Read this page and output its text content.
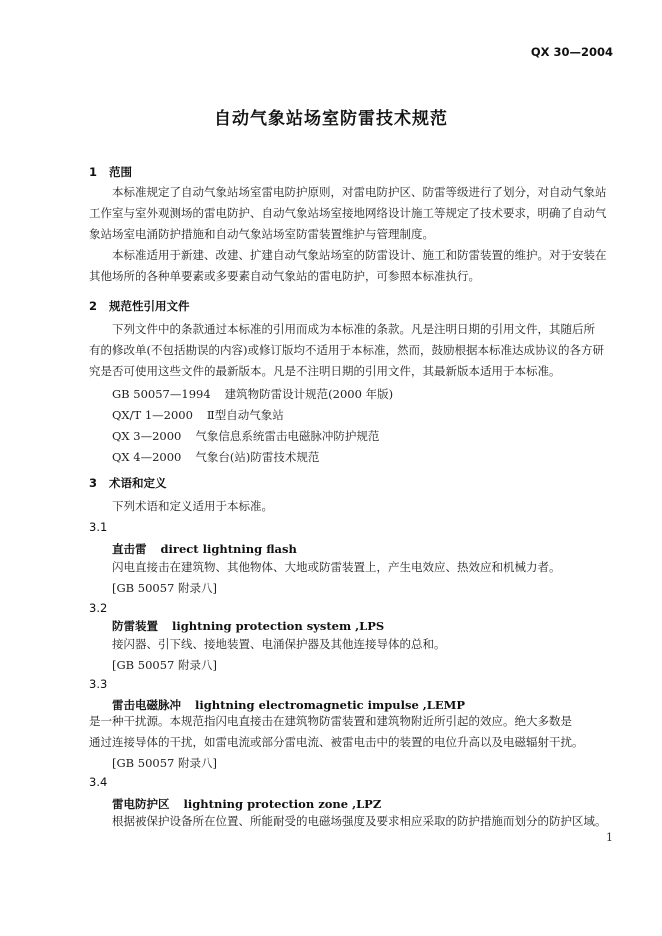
QX 30—2004
自动气象站场室防雷技术规范
1 范围
本标准规定了自动气象站场室雷电防护原则，对雷电防护区、防雷等级进行了划分，对自动气象站
工作室与室外观测场的雷电防护、自动气象站场室接地网络设计施工等规定了技术要求，明确了自动气
象站场室电涌防护措施和自动气象站场室防雷装置维护与管理制度。
本标准适用于新建、改建、扩建自动气象站场室的防雷设计、施工和防雷装置的维护。对于安装在
其他场所的各种单要素或多要素自动气象站的雷电防护，可参照本标准执行。
2 规范性引用文件
下列文件中的条款通过本标准的引用而成为本标准的条款。凡是注明日期的引用文件，其随后所
有的修改单(不包括勘误的内容)或修订版均不适用于本标准，然而，鼓励根据本标准达成协议的各方研
究是否可使用这些文件的最新版本。凡是不注明日期的引用文件，其最新版本适用于本标准。
GB 50057—1994 建筑物防雷设计规范(2000 年版)
QX/T 1—2000 Ⅱ型自动气象站
QX 3—2000 气象信息系统雷击电磁脉冲防护规范
QX 4—2000 气象台(站)防雷技术规范
3 术语和定义
下列术语和定义适用于本标准。
3.1
直击雷 direct lightning flash
闪电直接击在建筑物、其他物体、大地或防雷装置上，产生电效应、热效应和机械力者。
[GB 50057 附录八]
3.2
防雷装置 lightning protection system ,LPS
接闪器、引下线、接地装置、电涌保护器及其他连接导体的总和。
[GB 50057 附录八]
3.3
雷击电磁脉冲 lightning electromagnetic impulse ,LEMP
是一种干扰源。本规范指闪电直接击在建筑物防雷装置和建筑物附近所引起的效应。绝大多数是
通过连接导体的干扰，如雷电流或部分雷电流、被雷电击中的装置的电位升高以及电磁辐射干扰。
[GB 50057 附录八]
3.4
雷电防护区 lightning protection zone ,LPZ
根据被保护设备所在位置、所能耐受的电磁场强度及要求相应采取的防护措施而划分的防护区域。
1
